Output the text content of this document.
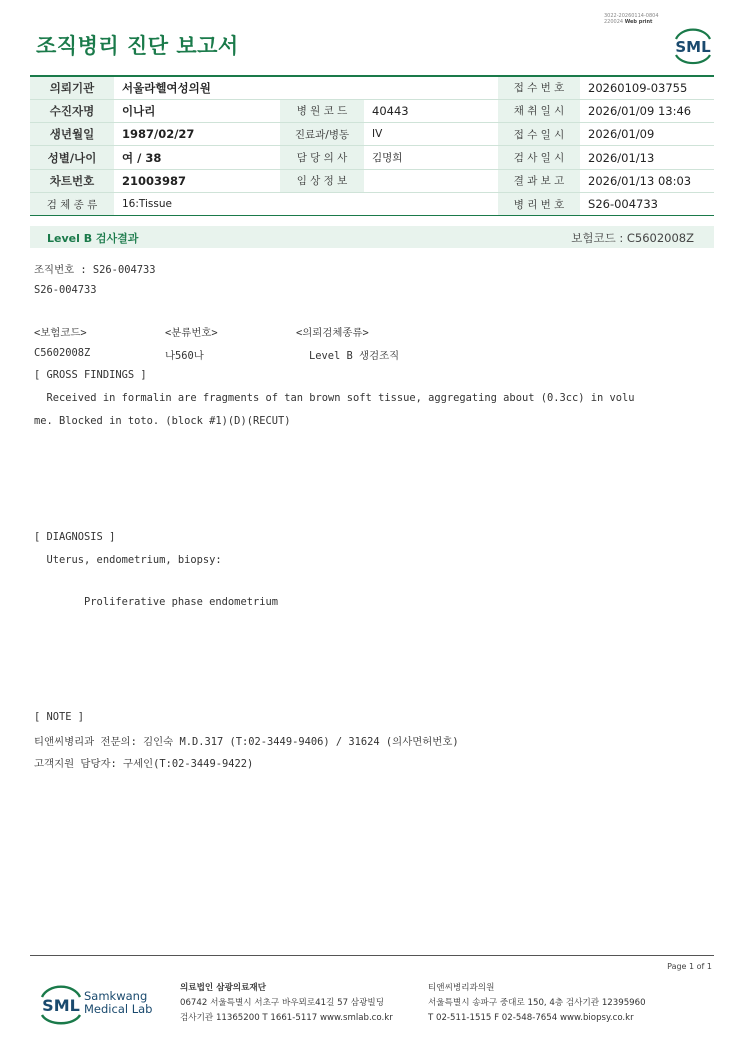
3022-20260114-0804
220024 Web print
조직병리 진단 보고서	SML
의뢰기관	서울라헬여성의원			접 수 번 호	20260109-03755
수진자명	이나리	병 원 코 드	40443	채 취 일 시	2026/01/09 13:46
생년월일	1987/02/27	진료과/병동	IV	접 수 일 시	2026/01/09
성별/나이	여 / 38	담 당 의 사	김명희	검 사 일 시	2026/01/13
차트번호	21003987	임 상 정 보		결 과 보 고	2026/01/13 08:03
검 체 종 류	16:Tissue			병 리 번 호	S26-004733
Level B 검사결과	보험코드 : C5602008Z
조직번호 : S26-004733
S26-004733
<보험코드>	<분류번호>	<의뢰검체종류>
C5602008Z	나560나	Level B 생검조직
[ GROSS FINDINGS ]
Received in formalin are fragments of tan brown soft tissue, aggregating about (0.3cc) in volu
me. Blocked in toto. (block #1)(D)(RECUT)
[ DIAGNOSIS ]
Uterus, endometrium, biopsy:
Proliferative phase endometrium
[ NOTE ]
티앤씨병리과 전문의: 김인숙 M.D.317 (T:02-3449-9406) / 31624 (의사면허번호)
고객지원 담당자: 구세인(T:02-3449-9422)
Page 1 of 1
SML Samkwang
Medical Lab
의료법인 삼광의료재단
06742 서울특별시 서초구 바우뫼로41길 57 삼광빌딩
검사기관 11365200 T 1661-5117 www.smlab.co.kr
티앤씨병리과의원
서울특별시 송파구 중대로 150, 4층 검사기관 12395960
T 02-511-1515 F 02-548-7654 www.biopsy.co.kr
